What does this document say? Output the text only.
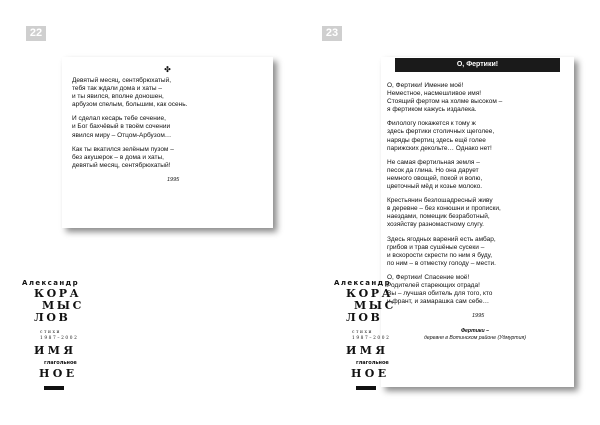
22	23
✤
Девятый месяц, сентябрюхатый,
тебя так ждали дома и хаты –
и ты явился, вполне доношен,
арбузом спелым, большим, как осень.
И сделал кесарь тебе сечение,
и Бог бахчёвый в твоём сочении
явился миру – Отцом-Арбузом…
Как ты вкатился зелёным пузом –
без акушерок – в дома и хаты,
девятый месяц, сентябрюхатый!
1995
О, Фертики!
О, Фертики! Имение моё!
Неместное, насмешливое имя!
Стоящий фертом на холме высоком –
я фертиком кажусь издалека.
Филологу покажется к тому ж
здесь фертики столичных щеголее,
наряды фертиц здесь ещё голее
парижских декольте… Однако нет!
Не самая фертильная земля –
песок да глина. Но она дарует
немного овощей, покой и волю,
цветочный мёд и козье молоко.
Крестьянин безлошадресный живу
в деревне – без конюшни и прописки,
наездами, помещик безработный,
хозяйству разномастному слугу.
Здесь ягодных варений есть амбар,
грибов и трав сушёные сусеки –
и вскорости скрести по ним я буду,
по ним – в отместку голоду – мести.
О, Фертики! Спасение моё!
Родителей стареющих отрада!
Вы – лучшая обитель для того, кто
и франт, и замарашка сам себе…
1995
Фертики –
деревня в Вотинском районе (Удмуртия)
Александр
КОРА
МЫС
ЛОВ
стихи
1987–2002
ИМЯ
глагольное
НОЕ
Александр
КОРА
МЫС
ЛОВ
стихи
1987–2002
ИМЯ
глагольное
НОЕ
